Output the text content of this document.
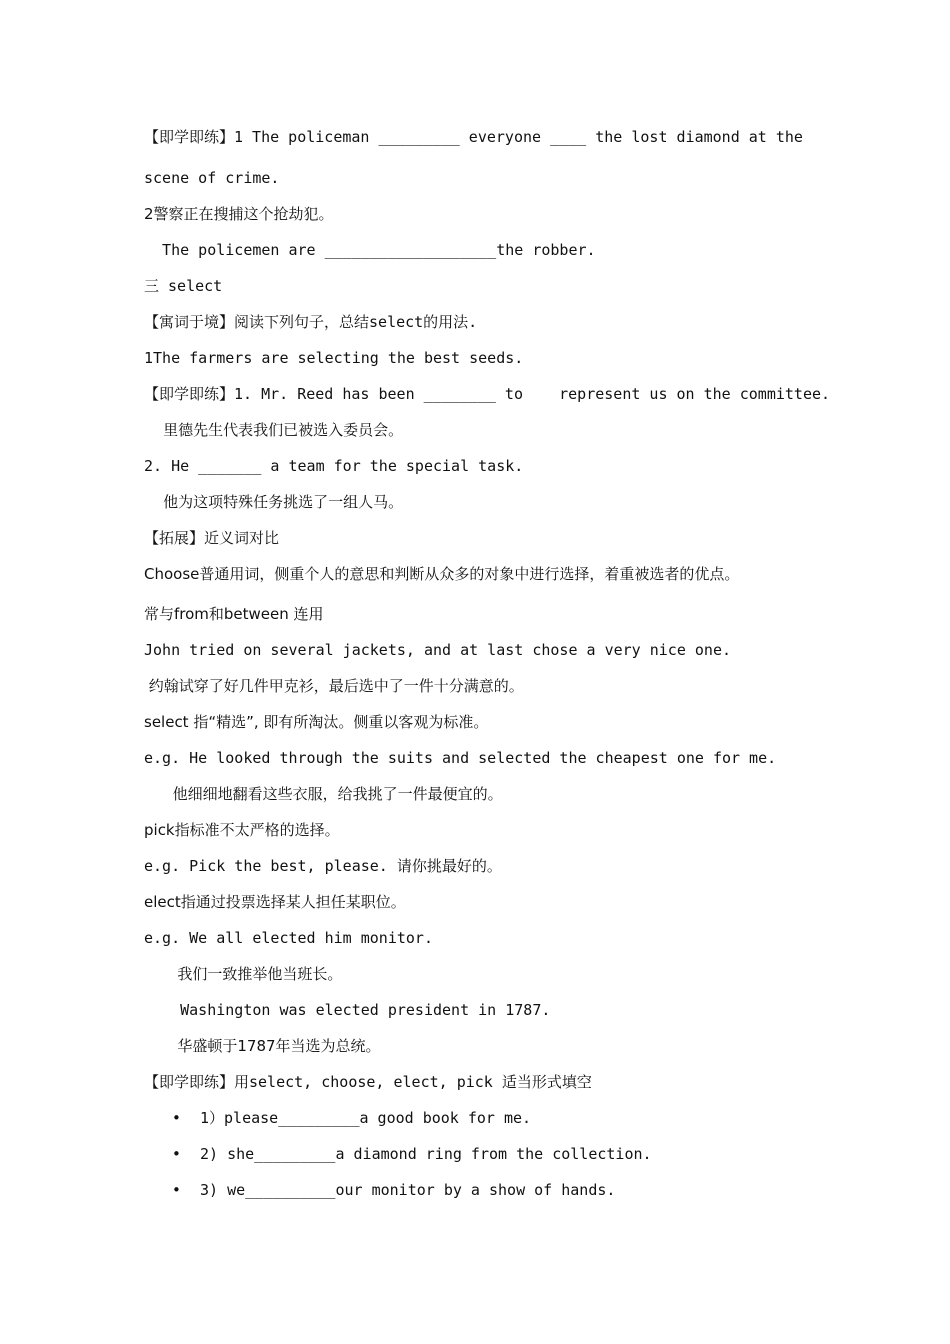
【即学即练】1 The policeman _________ everyone ____ the lost diamond at the
scene of crime.
2警察正在搜捕这个抢劫犯。
The policemen are ___________________the robber.
三 select
【寓词于境】阅读下列句子，总结select的用法.
1The farmers are selecting the best seeds.
【即学即练】1. Mr. Reed has been ________ to    represent us on the committee.
里德先生代表我们已被选入委员会。
2. He _______ a team for the special task.
他为这项特殊任务挑选了一组人马。
【拓展】近义词对比
Choose普通用词，侧重个人的意思和判断从众多的对象中进行选择，着重被选者的优点。
常与from和between 连用
John tried on several jackets, and at last chose a very nice one.
约翰试穿了好几件甲克衫，最后选中了一件十分满意的。
select 指“精选”, 即有所淘汰。侧重以客观为标准。
e.g. He looked through the suits and selected the cheapest one for me.
他细细地翻看这些衣服，给我挑了一件最便宜的。
pick指标准不太严格的选择。
e.g. Pick the best, please. 请你挑最好的。
elect指通过投票选择某人担任某职位。
e.g. We all elected him monitor.
我们一致推举他当班长。
Washington was elected president in 1787.
华盛顿于1787年当选为总统。
【即学即练】用select, choose, elect, pick 适当形式填空
• 1）please_________a good book for me.
• 2) she_________a diamond ring from the collection.
• 3) we__________our monitor by a show of hands.
